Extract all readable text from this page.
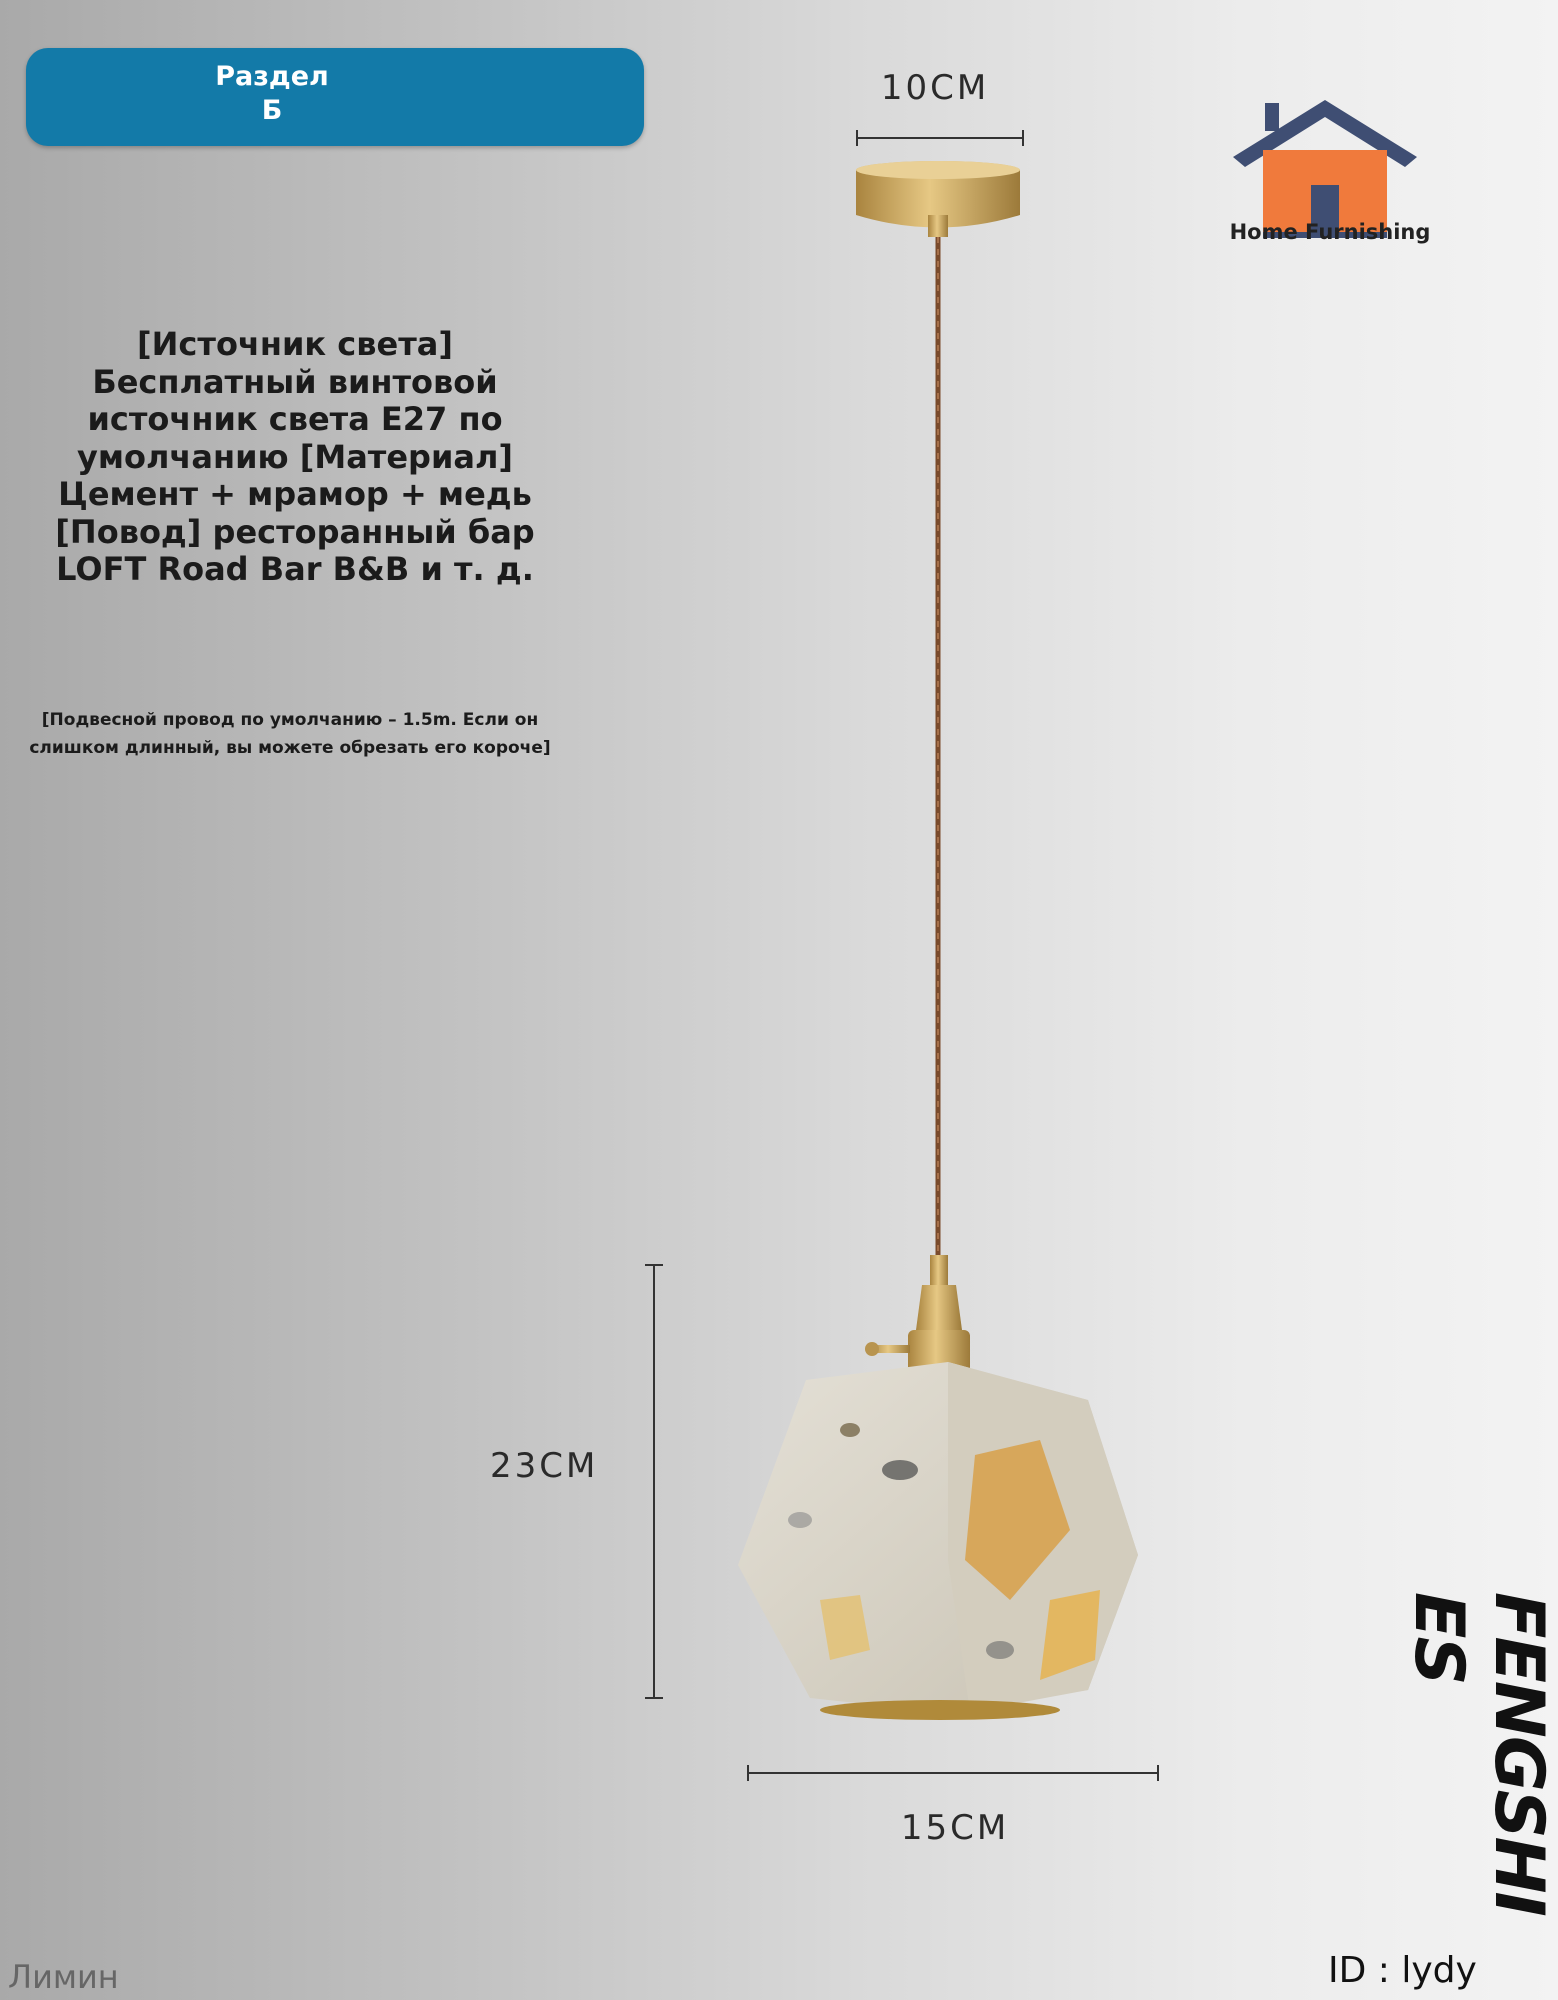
Раздел
Б
[Источник света] Бесплатный винтовой источник света E27 по умолчанию [Материал] Цемент + мрамор + медь [Повод] ресторанный бар LOFT Road Bar B&B и т. д.
[Подвесной провод по умолчанию – 1.5m. Если он слишком длинный, вы можете обрезать его короче]
Home Furnishing
10CM
23CM
15CM	FENGSHI ES
Лимин	ID : lydy
